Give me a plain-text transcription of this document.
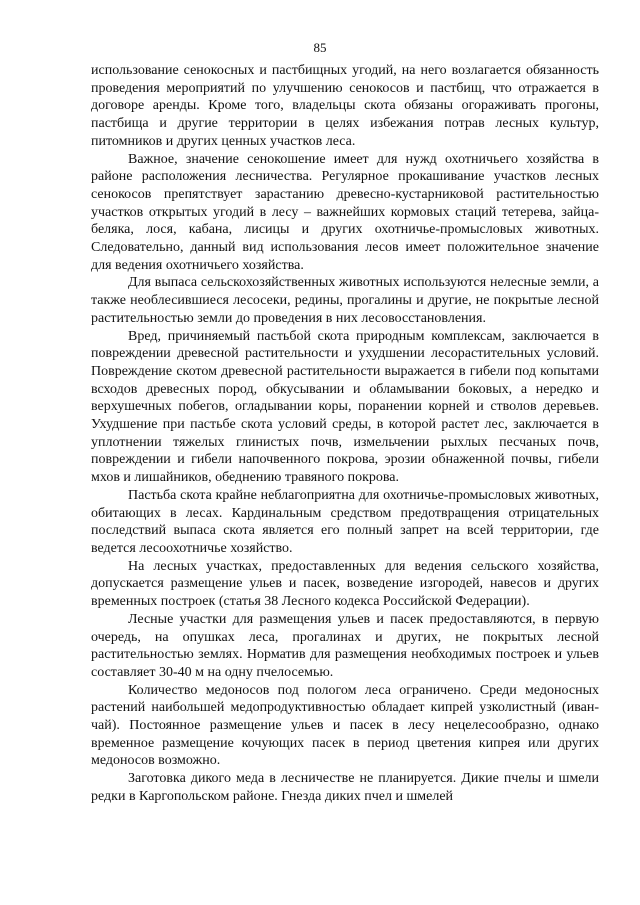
85

использование сенокосных и пастбищных угодий, на него возлагается обязанность проведения мероприятий по улучшению сенокосов и пастбищ, что отражается в договоре аренды. Кроме того, владельцы скота обязаны огораживать прогоны, пастбища и другие территории в целях избежания потрав лесных культур, питомников и других ценных участков леса.

Важное, значение сенокошение имеет для нужд охотничьего хозяйства в районе расположения лесничества. Регулярное прокашивание участков лесных сенокосов препятствует зарастанию древесно-кустарниковой растительностью участков открытых угодий в лесу – важнейших кормовых стаций тетерева, зайца-беляка, лося, кабана, лисицы и других охотничье-промысловых животных. Следовательно, данный вид использования лесов имеет положительное значение для ведения охотничьего хозяйства.

Для выпаса сельскохозяйственных животных используются нелесные земли, а также необлесившиеся лесосеки, редины, прогалины и другие, не покрытые лесной растительностью земли до проведения в них лесовосстановления.

Вред, причиняемый пастьбой скота природным комплексам, заключается в повреждении древесной растительности и ухудшении лесорастительных условий. Повреждение скотом древесной растительности выражается в гибели под копытами всходов древесных пород, обкусывании и обламывании боковых, а нередко и верхушечных побегов, огладывании коры, поранении корней и стволов деревьев. Ухудшение при пастьбе скота условий среды, в которой растет лес, заключается в уплотнении тяжелых глинистых почв, измельчении рыхлых песчаных почв, повреждении и гибели напочвенного покрова, эрозии обнаженной почвы, гибели мхов и лишайников, обеднению травяного покрова.

Пастьба скота крайне неблагоприятна для охотничье-промысловых животных, обитающих в лесах. Кардинальным средством предотвращения отрицательных последствий выпаса скота является его полный запрет на всей территории, где ведется лесоохотничье хозяйство.

На лесных участках, предоставленных для ведения сельского хозяйства, допускается размещение ульев и пасек, возведение изгородей, навесов и других временных построек (статья 38 Лесного кодекса Российской Федерации).

Лесные участки для размещения ульев и пасек предоставляются, в первую очередь, на опушках леса, прогалинах и других, не покрытых лесной растительностью землях. Норматив для размещения необходимых построек и ульев составляет 30-40 м на одну пчелосемью.

Количество медоносов под пологом леса ограничено. Среди медоносных растений наибольшей медопродуктивностью обладает кипрей узколистный (иван-чай). Постоянное размещение ульев и пасек в лесу нецелесообразно, однако временное размещение кочующих пасек в период цветения кипрея или других медоносов возможно.

Заготовка дикого меда в лесничестве не планируется. Дикие пчелы и шмели редки в Каргопольском районе. Гнезда диких пчел и шмелей
